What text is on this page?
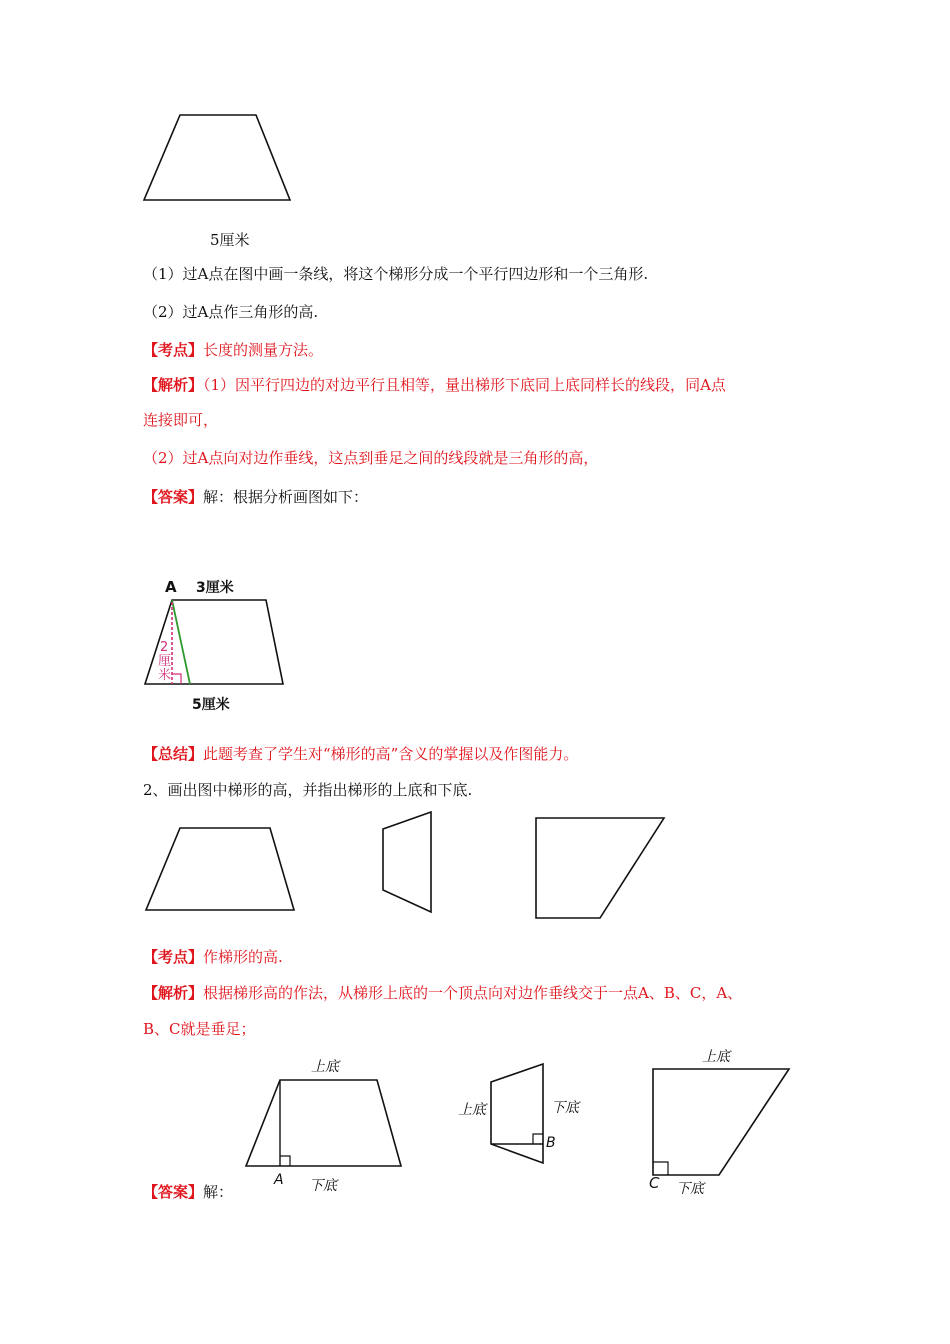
5厘米
（1）过A点在图中画一条线，将这个梯形分成一个平行四边形和一个三角形.
（2）过A点作三角形的高.
【考点】长度的测量方法。
【解析】（1）因平行四边的对边平行且相等，量出梯形下底同上底同样长的线段，同A点
连接即可，
（2）过A点向对边作垂线，这点到垂足之间的线段就是三角形的高，
【答案】解：根据分析画图如下：
A 3厘米
2
厘
米
5厘米
【总结】此题考查了学生对“梯形的高”含义的掌握以及作图能力。
2、画出图中梯形的高，并指出梯形的上底和下底.
【考点】作梯形的高.
【解析】根据梯形高的作法，从梯形上底的一个顶点向对边作垂线交于一点A、B、C，A、
B、C就是垂足；
上底
A 下底
上底	下底
B
上底
C 下底
【答案】解：
